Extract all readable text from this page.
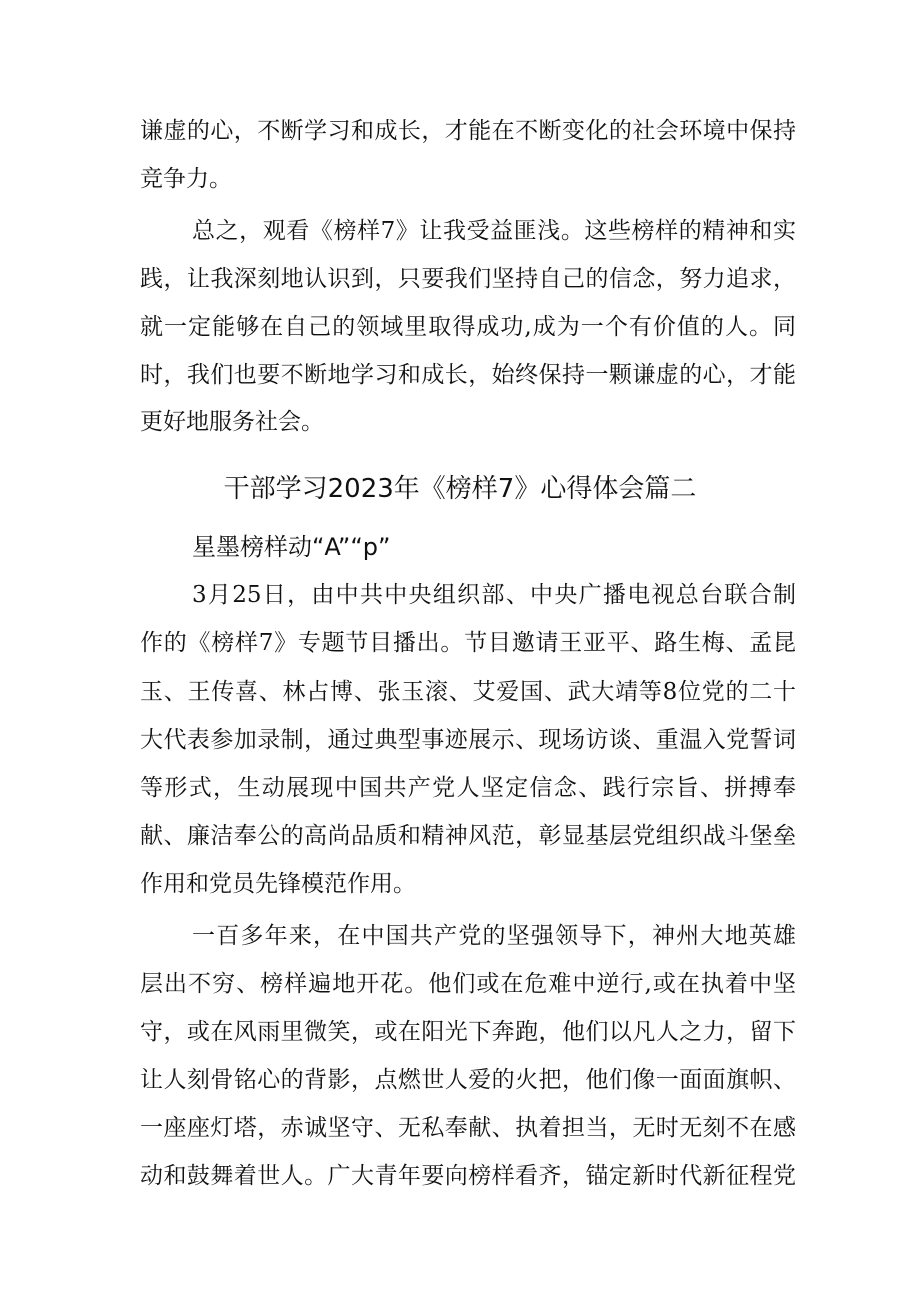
谦虚的心，不断学习和成长，才能在不断变化的社会环境中保持
竞争力。
总之，观看《榜样7》让我受益匪浅。这些榜样的精神和实
践，让我深刻地认识到，只要我们坚持自己的信念，努力追求，
就一定能够在自己的领域里取得成功,成为一个有价值的人。同
时，我们也要不断地学习和成长，始终保持一颗谦虚的心，才能
更好地服务社会。
干部学习2023年《榜样7》心得体会篇二
星墨榜样动“A”“p”
3月25日，由中共中央组织部、中央广播电视总台联合制
作的《榜样7》专题节目播出。节目邀请王亚平、路生梅、孟昆
玉、王传喜、林占博、张玉滚、艾爱国、武大靖等8位党的二十
大代表参加录制，通过典型事迹展示、现场访谈、重温入党誓词
等形式，生动展现中国共产党人坚定信念、践行宗旨、拼搏奉
献、廉洁奉公的高尚品质和精神风范，彰显基层党组织战斗堡垒
作用和党员先锋模范作用。
一百多年来，在中国共产党的坚强领导下，神州大地英雄
层出不穷、榜样遍地开花。他们或在危难中逆行,或在执着中坚
守，或在风雨里微笑，或在阳光下奔跑，他们以凡人之力，留下
让人刻骨铭心的背影，点燃世人爱的火把，他们像一面面旗帜、
一座座灯塔，赤诚坚守、无私奉献、执着担当，无时无刻不在感
动和鼓舞着世人。广大青年要向榜样看齐，锚定新时代新征程党
